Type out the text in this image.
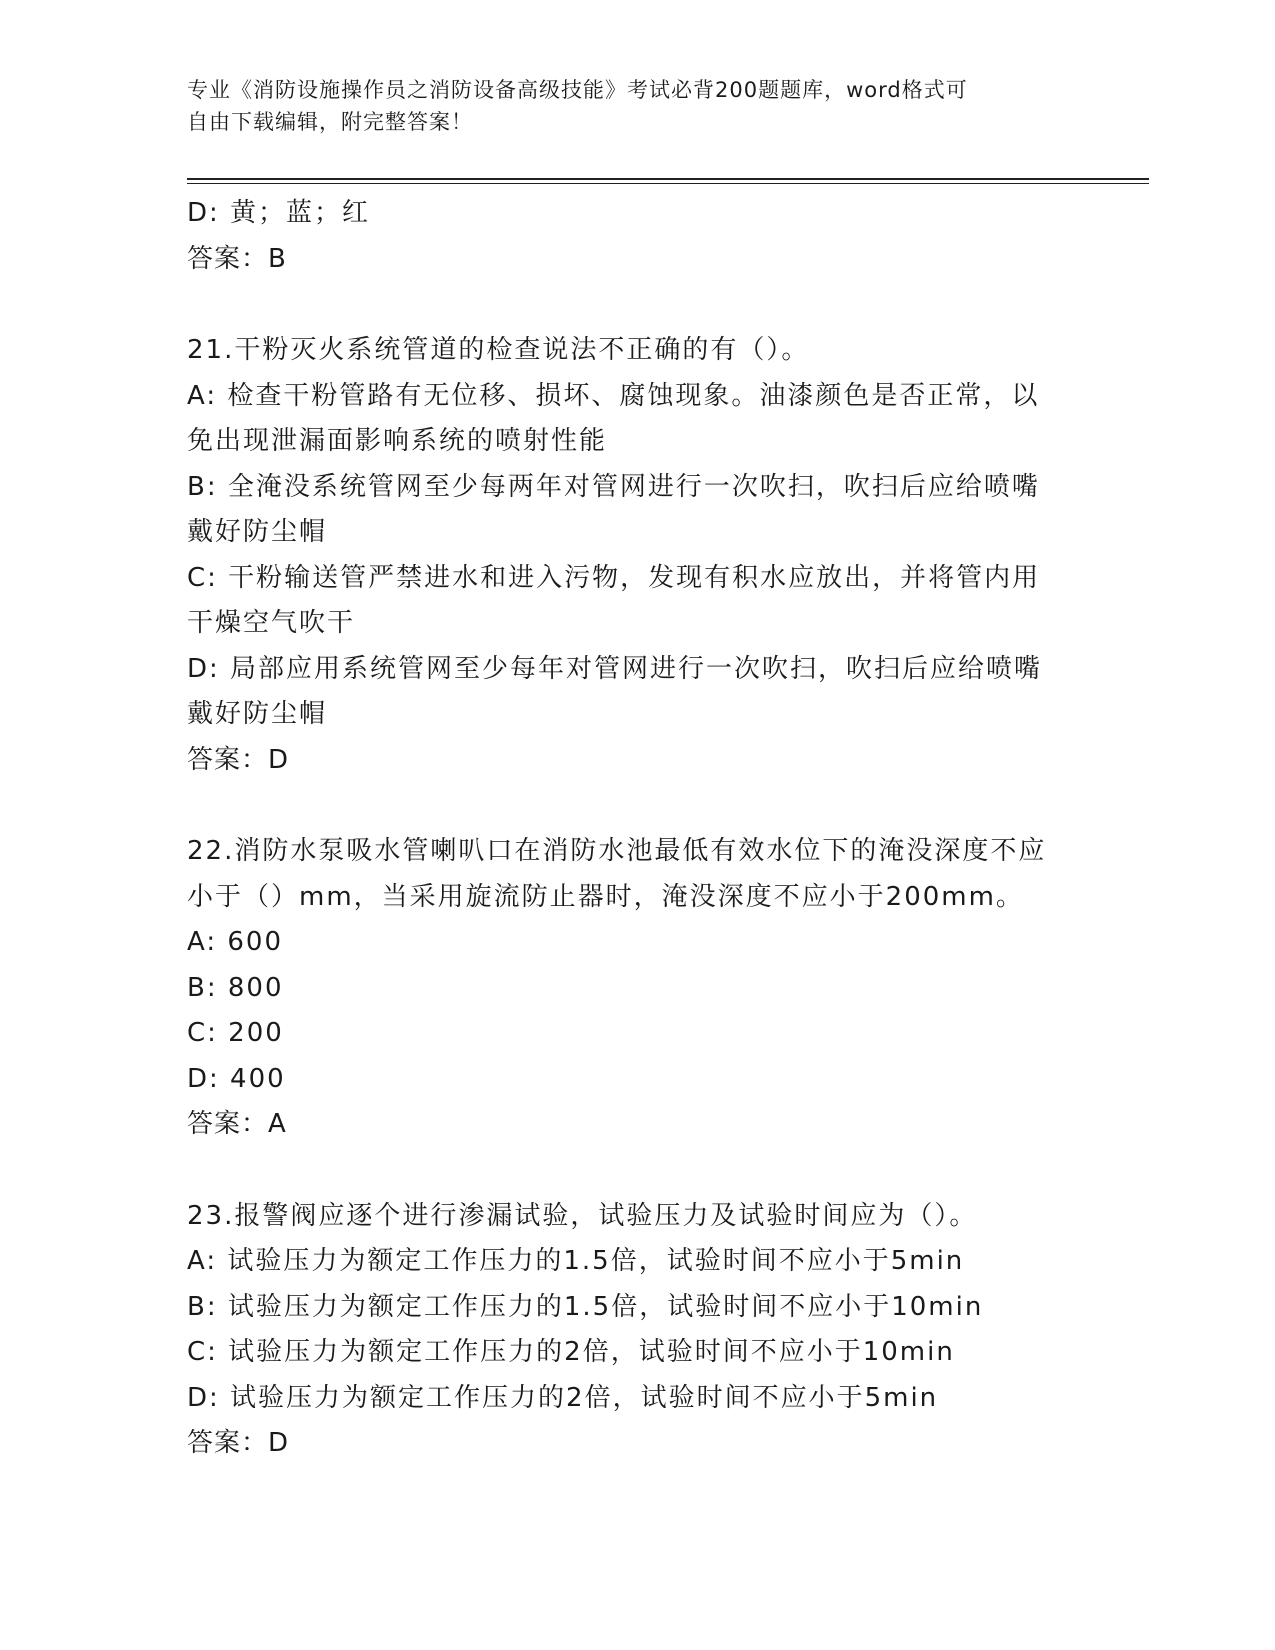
专业《消防设施操作员之消防设备高级技能》考试必背200题题库，word格式可
自由下载编辑，附完整答案！
D: 黄；蓝；红
答案：B
21.干粉灭火系统管道的检查说法不正确的有（）。
A: 检查干粉管路有无位移、损坏、腐蚀现象。油漆颜色是否正常，以
免出现泄漏面影响系统的喷射性能
B: 全淹没系统管网至少每两年对管网进行一次吹扫，吹扫后应给喷嘴
戴好防尘帽
C: 干粉输送管严禁进水和进入污物，发现有积水应放出，并将管内用
干燥空气吹干
D: 局部应用系统管网至少每年对管网进行一次吹扫，吹扫后应给喷嘴
戴好防尘帽
答案：D
22.消防水泵吸水管喇叭口在消防水池最低有效水位下的淹没深度不应
小于（）mm，当采用旋流防止器时，淹没深度不应小于200mm。
A: 600
B: 800
C: 200
D: 400
答案：A
23.报警阀应逐个进行渗漏试验，试验压力及试验时间应为（）。
A: 试验压力为额定工作压力的1.5倍，试验时间不应小于5min
B: 试验压力为额定工作压力的1.5倍，试验时间不应小于10min
C: 试验压力为额定工作压力的2倍，试验时间不应小于10min
D: 试验压力为额定工作压力的2倍，试验时间不应小于5min
答案：D
